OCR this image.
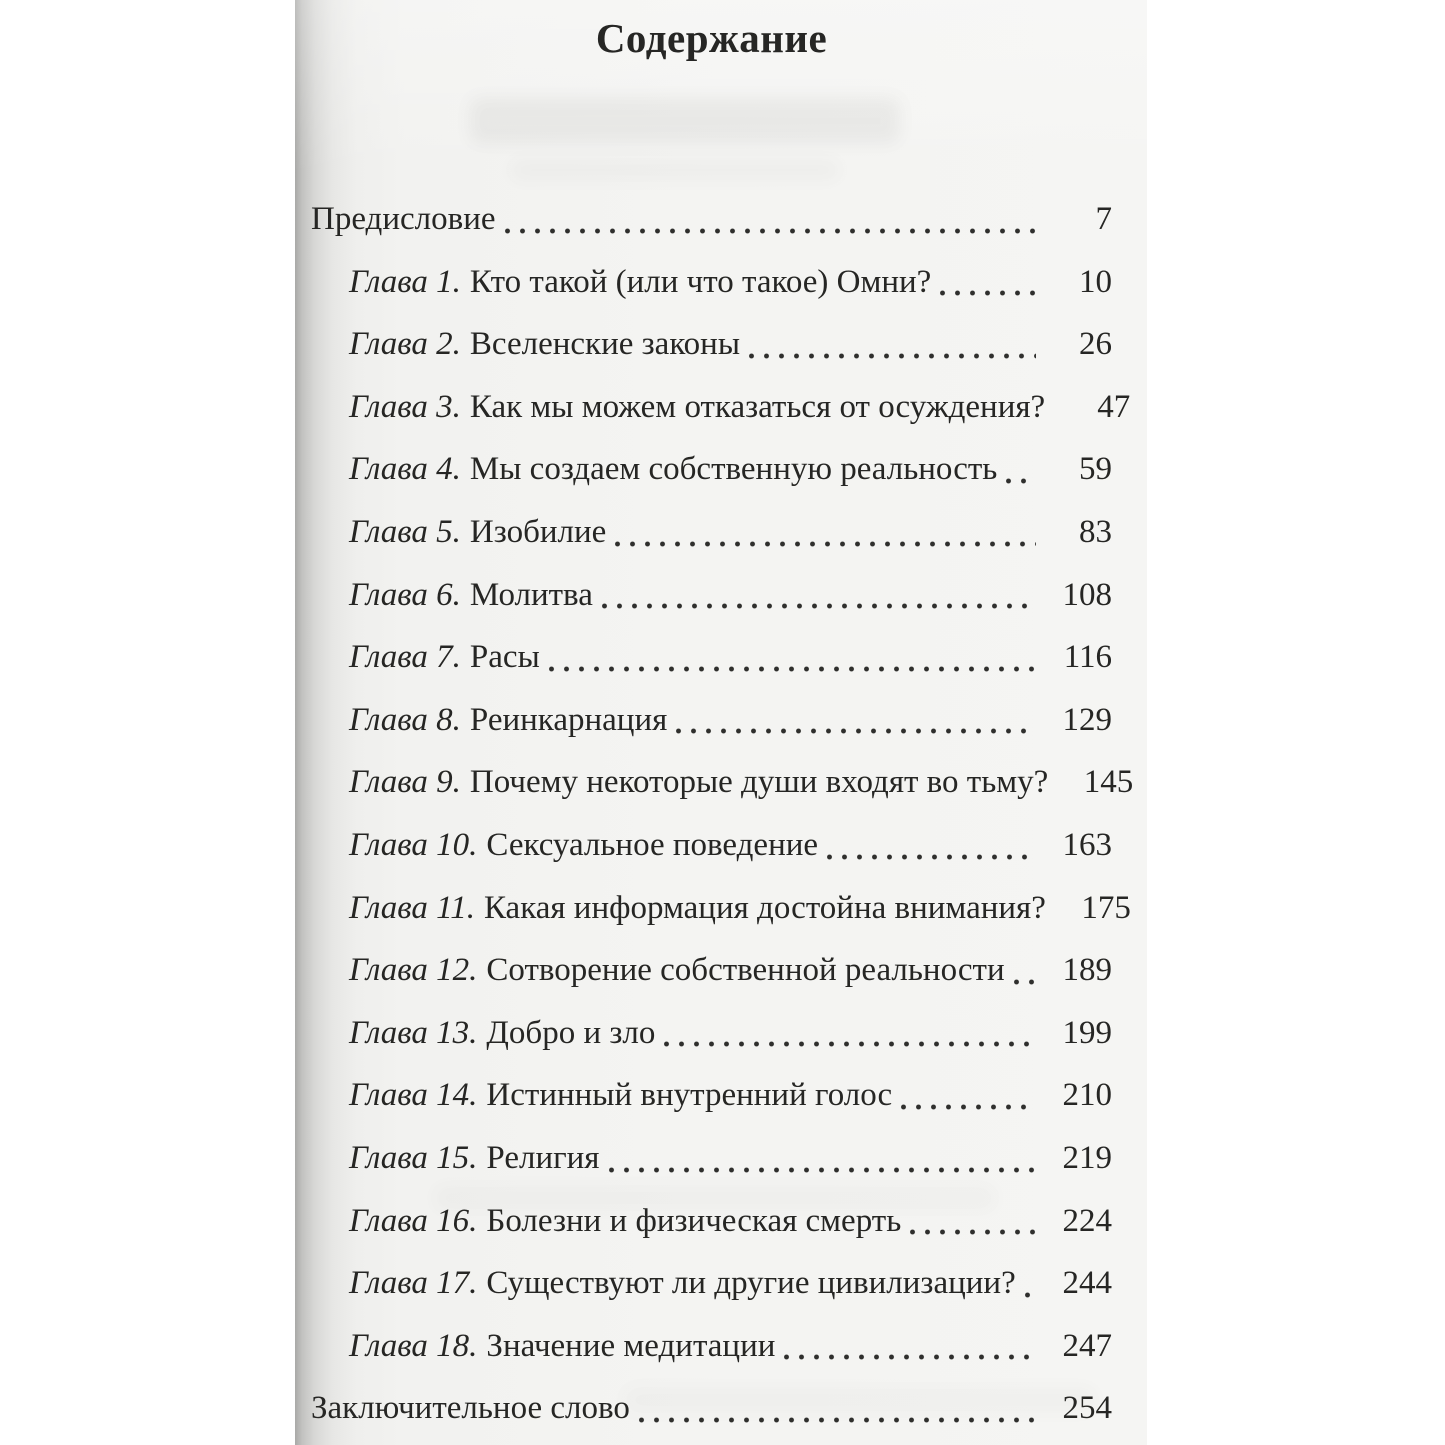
Содержание
Предисловие	7
Глава 1. Кто такой (или что такое) Омни?	10
Глава 2. Вселенские законы	26
Глава 3. Как мы можем отказаться от осуждения?	47
Глава 4. Мы создаем собственную реальность	59
Глава 5. Изобилие	83
Глава 6. Молитва	108
Глава 7. Расы	116
Глава 8. Реинкарнация	129
Глава 9. Почему некоторые души входят во тьму?	145
Глава 10. Сексуальное поведение	163
Глава 11. Какая информация достойна внимания?	175
Глава 12. Сотворение собственной реальности	189
Глава 13. Добро и зло	199
Глава 14. Истинный внутренний голос	210
Глава 15. Религия	219
Глава 16. Болезни и физическая смерть	224
Глава 17. Существуют ли другие цивилизации?	244
Глава 18. Значение медитации	247
Заключительное слово	254
